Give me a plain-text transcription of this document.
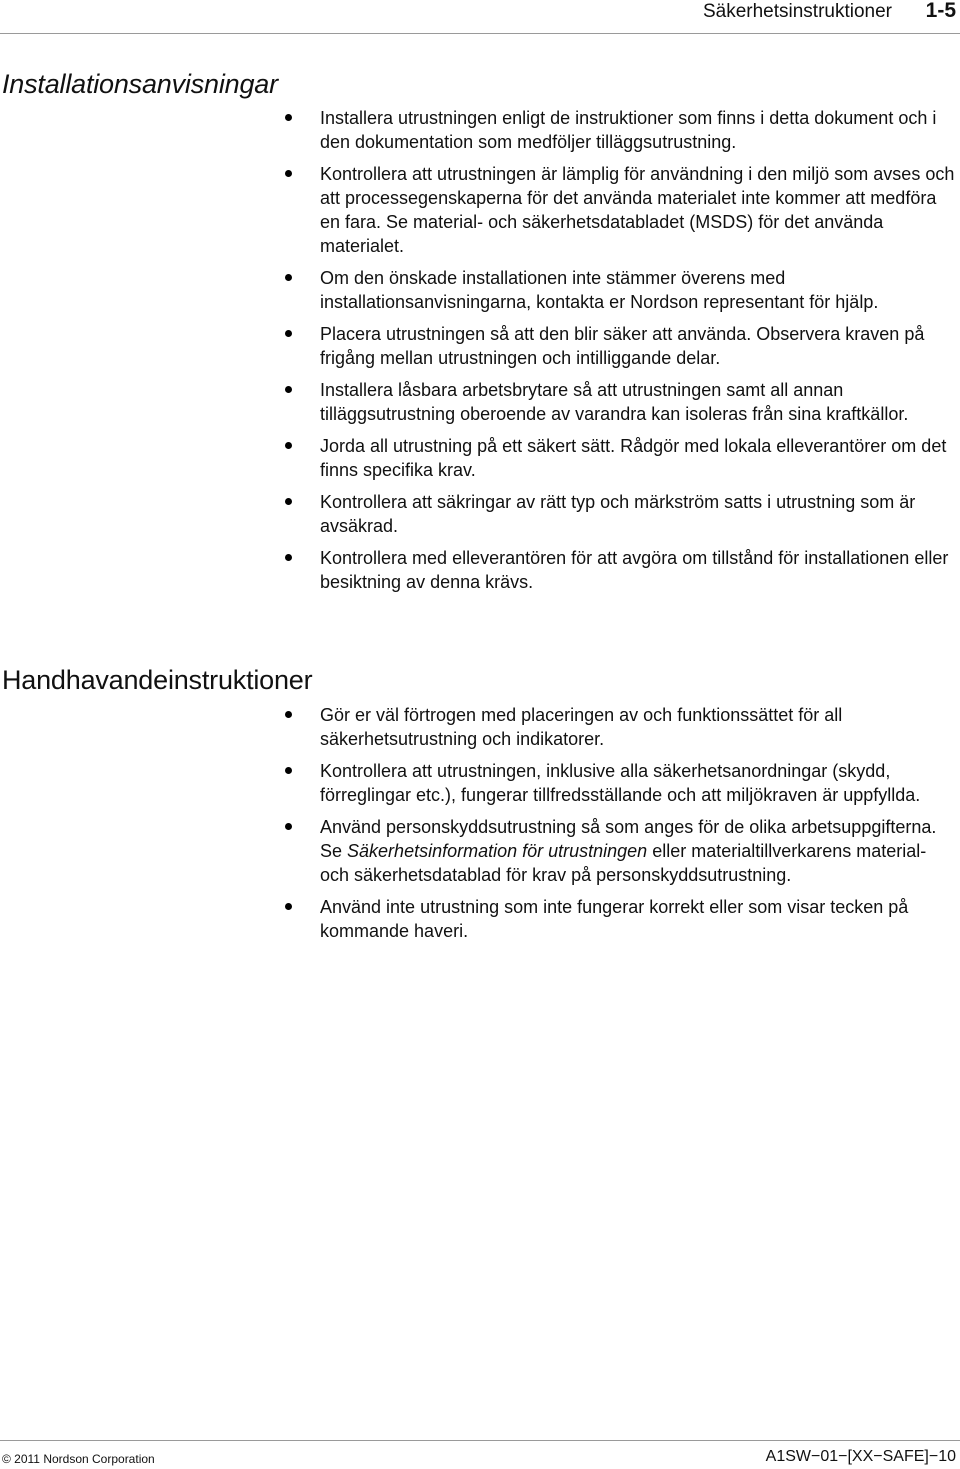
Säkerhetsinstruktioner 1-5
Installationsanvisningar
Installera utrustningen enligt de instruktioner som finns i detta dokument och i den dokumentation som medföljer tilläggsutrustning.
Kontrollera att utrustningen är lämplig för användning i den miljö som avses och att processegenskaperna för det använda materialet inte kommer att medföra en fara. Se material- och säkerhetsdatabladet (MSDS) för det använda materialet.
Om den önskade installationen inte stämmer överens med installationsanvisningarna, kontakta er Nordson representant för hjälp.
Placera utrustningen så att den blir säker att använda. Observera kraven på frigång mellan utrustningen och intilliggande delar.
Installera låsbara arbetsbrytare så att utrustningen samt all annan tilläggsutrustning oberoende av varandra kan isoleras från sina kraftkällor.
Jorda all utrustning på ett säkert sätt. Rådgör med lokala elleverantörer om det finns specifika krav.
Kontrollera att säkringar av rätt typ och märkström satts i utrustning som är avsäkrad.
Kontrollera med elleverantören för att avgöra om tillstånd för installationen eller besiktning av denna krävs.
Handhavandeinstruktioner
Gör er väl förtrogen med placeringen av och funktionssättet för all säkerhetsutrustning och indikatorer.
Kontrollera att utrustningen, inklusive alla säkerhetsanordningar (skydd, förreglingar etc.), fungerar tillfredsställande och att miljökraven är uppfyllda.
Använd personskyddsutrustning så som anges för de olika arbetsuppgifterna. Se Säkerhetsinformation för utrustningen eller materialtillverkarens material- och säkerhetsdatablad för krav på personskyddsutrustning.
Använd inte utrustning som inte fungerar korrekt eller som visar tecken på kommande haveri.
© 2011 Nordson Corporation	A1SW−01−[XX−SAFE]−10
